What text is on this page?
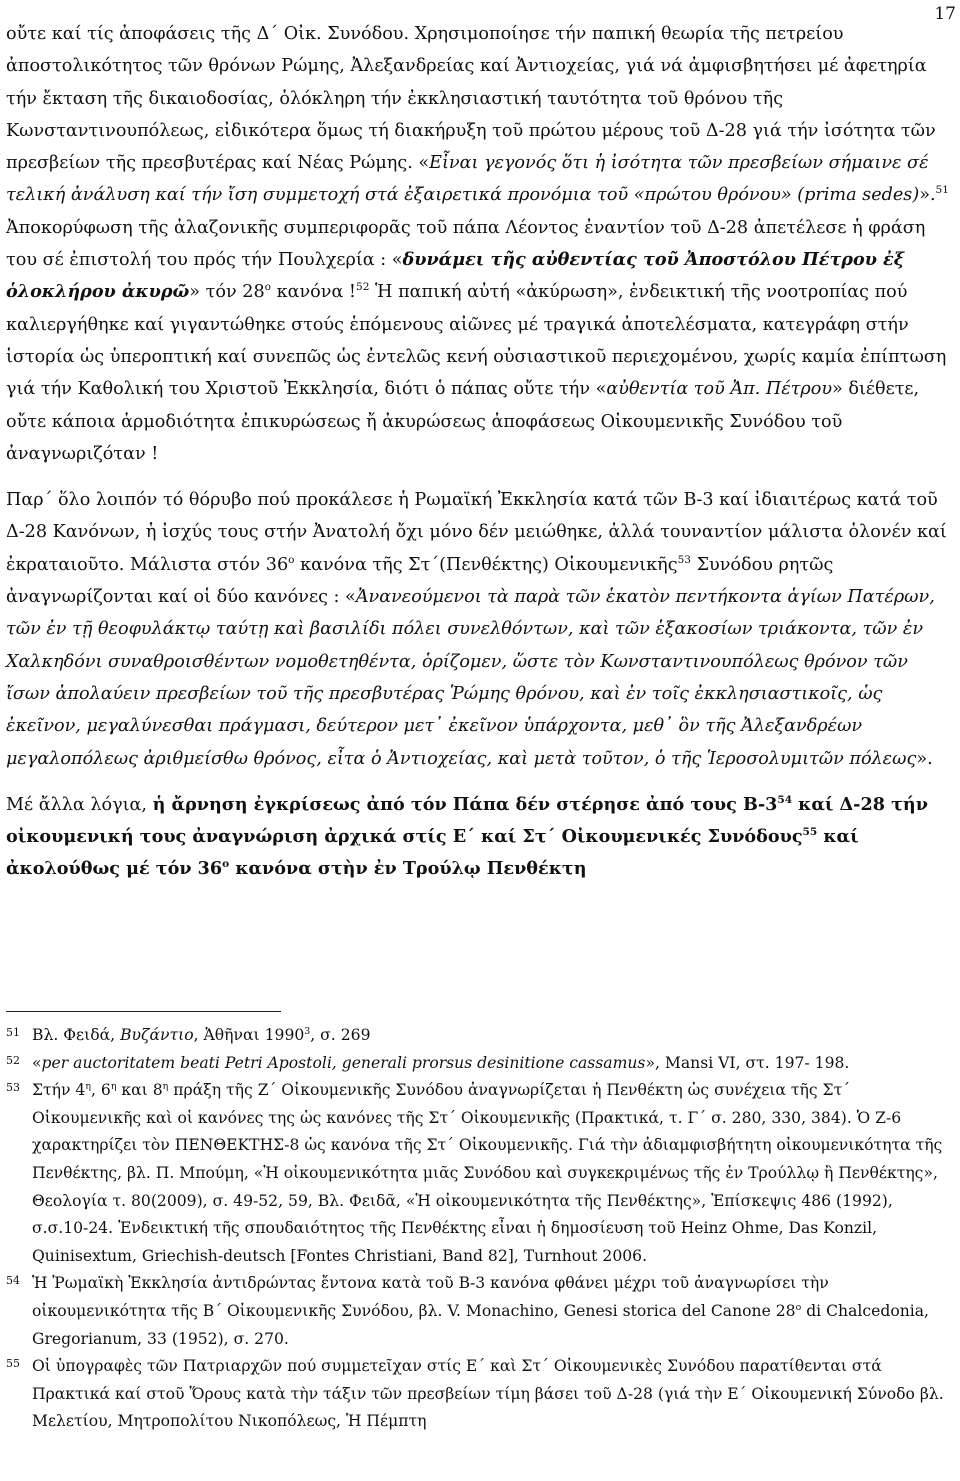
17

οὔτε καί τίς ἀποφάσεις τῆς Δ΄ Οἰκ. Συνόδου. Χρησιμοποίησε τήν παπική θεωρία τῆς πετρείου ἀποστολικότητος τῶν θρόνων Ρώμης, Ἀλεξανδρείας καί Ἀντιοχείας, γιά νά ἀμφισβητήσει μέ ἀφετηρία τήν ἔκταση τῆς δικαιοδοσίας, ὁλόκληρη τήν ἐκκλησιαστική ταυτότητα τοῦ θρόνου τῆς Κωνσταντινουπόλεως, εἰδικότερα ὅμως τή διακήρυξη τοῦ πρώτου μέρους τοῦ Δ-28 γιά τήν ἰσότητα τῶν πρεσβείων τῆς πρεσβυτέρας καί Νέας Ρώμης. «Εἶναι γεγονός ὅτι ἡ ἰσότητα τῶν πρεσβείων σήμαινε σέ τελική ἀνάλυση καί τήν ἴση συμμετοχή στά ἐξαιρετικά προνόμια τοῦ «πρώτου θρόνου» (prima sedes)».$^{51}$ Ἀποκορύφωση τῆς ἀλαζονικῆς συμπεριφορᾶς τοῦ πάπα Λέοντος ἐναντίον τοῦ Δ-28 ἀπετέλεσε ἡ φράση του σέ ἐπιστολή του πρός τήν Πουλχερία : «δυνάμει τῆς αὐθεντίας τοῦ Ἀποστόλου Πέτρου ἐξ ὁλοκλήρου ἀκυρῶ» τόν $28^o$ κανόνα !$^{52}$ Ἡ παπική αὐτή «ἀκύρωση», ἐνδεικτική τῆς νοοτροπίας πού καλιεργήθηκε καί γιγαντώθηκε στούς ἑπόμενους αἰῶνες μέ τραγικά ἀποτελέσματα, κατεγράφη στήν ἱστορία ὡς ὑπεροπτική καί συνεπῶς ὡς ἐντελῶς κενή οὐσιαστικοῦ περιεχομένου, χωρίς καμία ἐπίπτωση γιά τήν Καθολική του Χριστοῦ Ἐκκλησία, διότι ὁ πάπας οὔτε τήν «αὐθεντία τοῦ Ἀπ. Πέτρου» διέθετε, οὔτε κάποια ἁρμοδιότητα ἐπικυρώσεως ἤ ἀκυρώσεως ἀποφάσεως Οἰκουμενικῆς Συνόδου τοῦ ἀναγνωριζόταν !

Παρ΄ ὅλο λοιπόν τό θόρυβο πού προκάλεσε ἡ Ρωμαϊκή Ἐκκλησία κατά τῶν Β-3 καί ἰδιαιτέρως κατά τοῦ Δ-28 Κανόνων, ἡ ἰσχύς τους στήν Ἀνατολή ὄχι μόνο δέν μειώθηκε, ἀλλά τουναντίον μάλιστα ὁλονέν καί ἐκραταιοῦτο. Μάλιστα στόν $36^o$ κανόνα τῆς Στ΄(Πενθέκτης) Οἰκουμενικῆς$^{53}$ Συνόδου ρητῶς ἀναγνωρίζονται καί οἱ δύο κανόνες : «Ἀνανεούμενοι τὰ παρὰ τῶν ἑκατὸν πεντήκοντα ἁγίων Πατέρων, τῶν ἐν τῇ θεοφυλάκτῳ ταύτῃ καὶ βασιλίδι πόλει συνελθόντων, καὶ τῶν ἑξακοσίων τριάκοντα, τῶν ἐν Χαλκηδόνι συναθροισθέντων νομοθετηθέντα, ὁρίζομεν, ὥστε τὸν Κωνσταντινουπόλεως θρόνον τῶν ἴσων ἀπολαύειν πρεσβείων τοῦ τῆς πρεσβυτέρας Ῥώμης θρόνου, καὶ ἐν τοῖς ἐκκλησιαστικοῖς, ὡς ἐκεῖνον, μεγαλύνεσθαι πράγμασι, δεύτερον μετ᾽ ἐκεῖνον ὑπάρχοντα, μεθ᾽ ὃν τῆς Ἀλεξανδρέων μεγαλοπόλεως ἀριθμείσθω θρόνος, εἶτα ὁ Ἀντιοχείας, καὶ μετὰ τοῦτον, ὁ τῆς Ἱεροσολυμιτῶν πόλεως».

Μέ ἄλλα λόγια, ἡ ἄρνηση ἐγκρίσεως ἀπό τόν Πάπα δέν στέρησε ἀπό τους $B-3^{54}$ καί Δ-28 τήν οἰκουμενική τους ἀναγνώριση ἀρχικά στίς Ε΄ καί Στ΄ Οἰκουμενικές Συνόδους$^{55}$ καί ἀκολούθως μέ τόν $36^o$ κανόνα στὴν ἐν Τρούλῳ Πενθέκτη

51 Βλ. Φειδά, Βυζάντιο, Ἀθῆναι 1990$^3$, σ. 269

52 «per auctoritatem beati Petri Apostoli, generali prorsus desinitione cassamus», Mansi VI, στ. 197- 198.

53 Στήν $4^\eta$, $6^\eta$ και $8^\eta$ πράξη τῆς Ζ΄ Οἰκουμενικῆς Συνόδου ἀναγνωρίζεται ἡ Πενθέκτη ὡς συνέχεια τῆς Στ΄ Οἰκουμενικῆς καὶ οἱ κανόνες της ὡς κανόνες τῆς Στ΄ Οἰκουμενικῆς (Πρακτικά, τ. Γ΄ σ. 280, 330, 384). Ὁ Ζ-6 χαρακτηρίζει τὸν ΠΕΝΘΕΚΤΗΣ-8 ὡς κανόνα τῆς Στ΄ Οἰκουμενικῆς. Γιά τὴν ἀδιαμφισβήτητη οἰκουμενικότητα τῆς Πενθέκτης, βλ. Π. Μπούμη, «Ἡ οἰκουμενικότητα μιᾶς Συνόδου καὶ συγκεκριμένως τῆς ἐν Τρούλλῳ ἢ Πενθέκτης», Θεολογία τ. 80(2009), σ. 49-52, 59, Βλ. Φειδᾶ, «Ἡ οἰκουμενικότητα τῆς Πενθέκτης», Ἐπίσκεψις 486 (1992), σ.σ.10-24. Ἐνδεικτική τῆς σπουδαιότητος τῆς Πενθέκτης εἶναι ἡ δημοσίευση τοῦ Heinz Ohme, Das Konzil, Quinisextum, Griechish-deutsch [Fontes Christiani, Band 82], Turnhout 2006.

54 Ἡ Ῥωμαϊκὴ Ἐκκλησία ἀντιδρώντας ἔντονα κατὰ τοῦ Β-3 κανόνα φθάνει μέχρι τοῦ ἀναγνωρίσει τὴν οἰκουμενικότητα τῆς Β΄ Οἰκουμενικῆς Συνόδου, βλ. V. Monachino, Genesi storica del Canone 28$^o$ di Chalcedonia, Gregorianum, 33 (1952), σ. 270.

55 Οἱ ὑπογραφὲς τῶν Πατριαρχῶν πού συμμετεῖχαν στίς Ε΄ καὶ Στ΄ Οἰκουμενικὲς Συνόδου παρατίθενται στά Πρακτικά καί στοῦ Ὅρους κατὰ τὴν τάξιν τῶν πρεσβείων τίμη βάσει τοῦ Δ-28 (γιά τὴν Ε΄ Οἰκουμενική Σύνοδο βλ. Μελετίου, Μητροπολίτου Νικοπόλεως, Ἡ Πέμπτη
